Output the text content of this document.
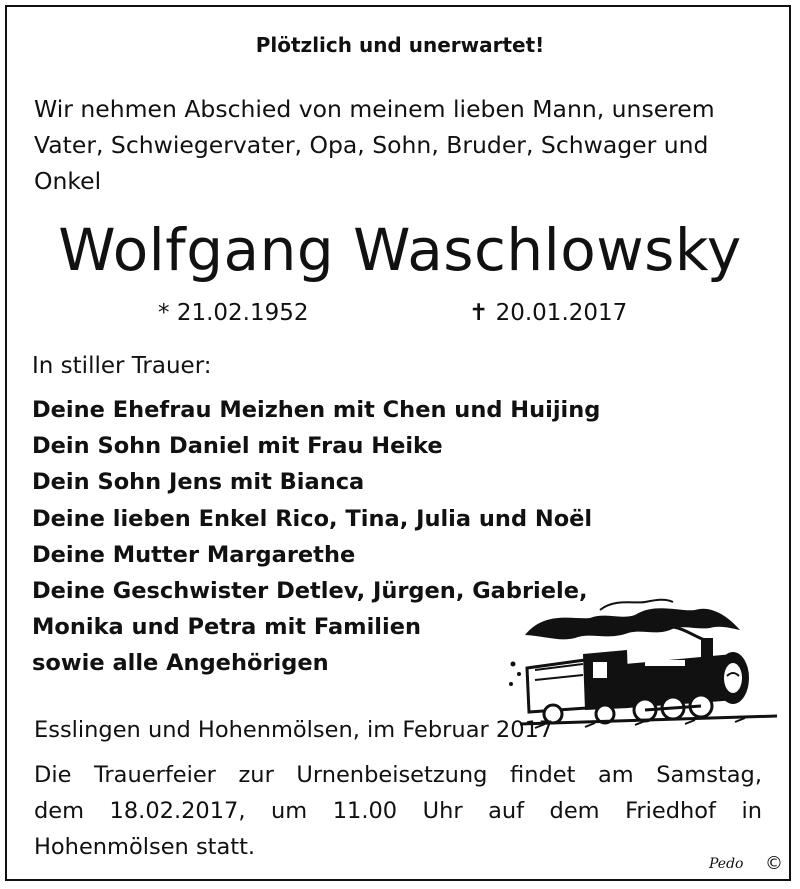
Plötzlich und unerwartet!
Wir nehmen Abschied von meinem lieben Mann, unserem
Vater, Schwiegervater, Opa, Sohn, Bruder, Schwager und
Onkel
Wolfgang Waschlowsky
* 21.02.1952	✝ 20.01.2017
In stiller Trauer:
Deine Ehefrau Meizhen mit Chen und Huijing
Dein Sohn Daniel mit Frau Heike
Dein Sohn Jens mit Bianca
Deine lieben Enkel Rico, Tina, Julia und Noël
Deine Mutter Margarethe
Deine Geschwister Detlev, Jürgen, Gabriele,
Monika und Petra mit Familien
sowie alle Angehörigen
Esslingen und Hohenmölsen, im Februar 2017
Die Trauerfeier zur Urnenbeisetzung findet am Samstag,
dem 18.02.2017, um 11.00 Uhr auf dem Friedhof in
Hohenmölsen statt.
Pedo ©
